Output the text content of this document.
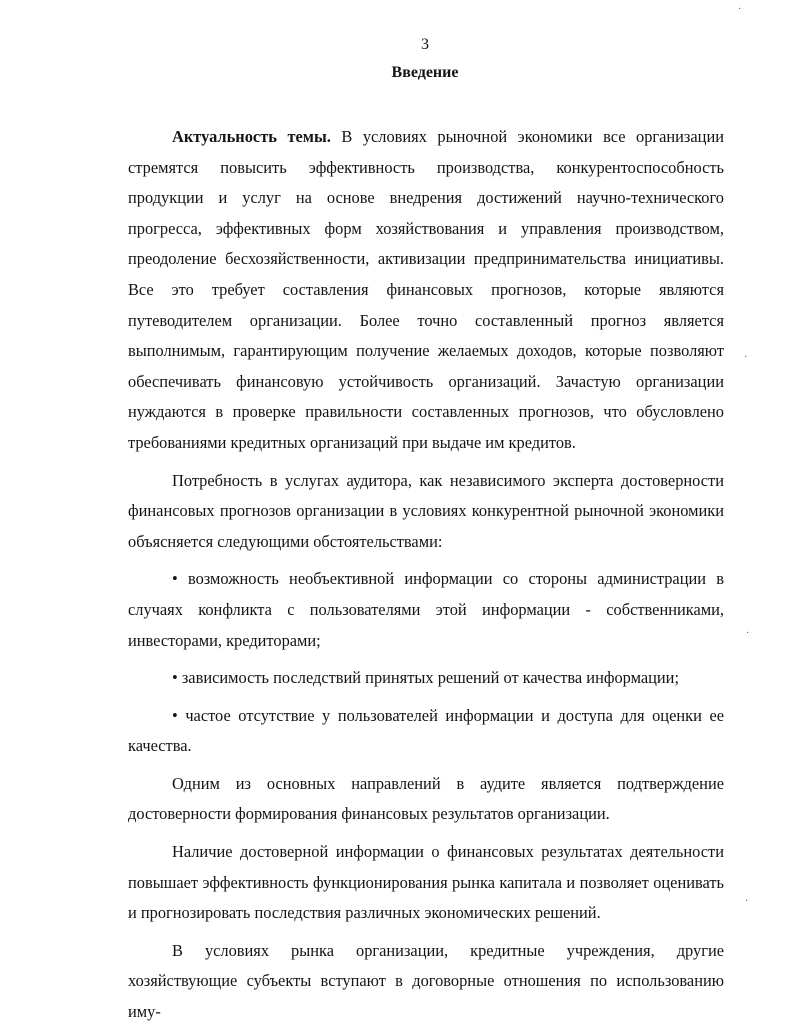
3
Введение

Актуальность темы. В условиях рыночной экономики все организации стремятся повысить эффективность производства, конкурентоспособность продукции и услуг на основе внедрения достижений научно-технического прогресса, эффективных форм хозяйствования и управления производством, преодоление бесхозяйственности, активизации предпринимательства инициативы. Все это требует составления финансовых прогнозов, которые являются путеводителем организации. Более точно составленный прогноз является выполнимым, гарантирующим получение желаемых доходов, которые позволяют обеспечивать финансовую устойчивость организаций. Зачастую организации нуждаются в проверке правильности составленных прогнозов, что обусловлено требованиями кредитных организаций при выдаче им кредитов.

Потребность в услугах аудитора, как независимого эксперта достоверности финансовых прогнозов организации в условиях конкурентной рыночной экономики объясняется следующими обстоятельствами:

• возможность необъективной информации со стороны администрации в случаях конфликта с пользователями этой информации - собственниками, инвесторами, кредиторами;

• зависимость последствий принятых решений от качества информации;

• частое отсутствие у пользователей информации и доступа для оценки ее качества.

Одним из основных направлений в аудите является подтверждение достоверности формирования финансовых результатов организации.

Наличие достоверной информации о финансовых результатах деятельности повышает эффективность функционирования рынка капитала и позволяет оценивать и прогнозировать последствия различных экономических решений.

В условиях рынка организации, кредитные учреждения, другие хозяйствующие субъекты вступают в договорные отношения по использованию иму-

·
·
·
·
